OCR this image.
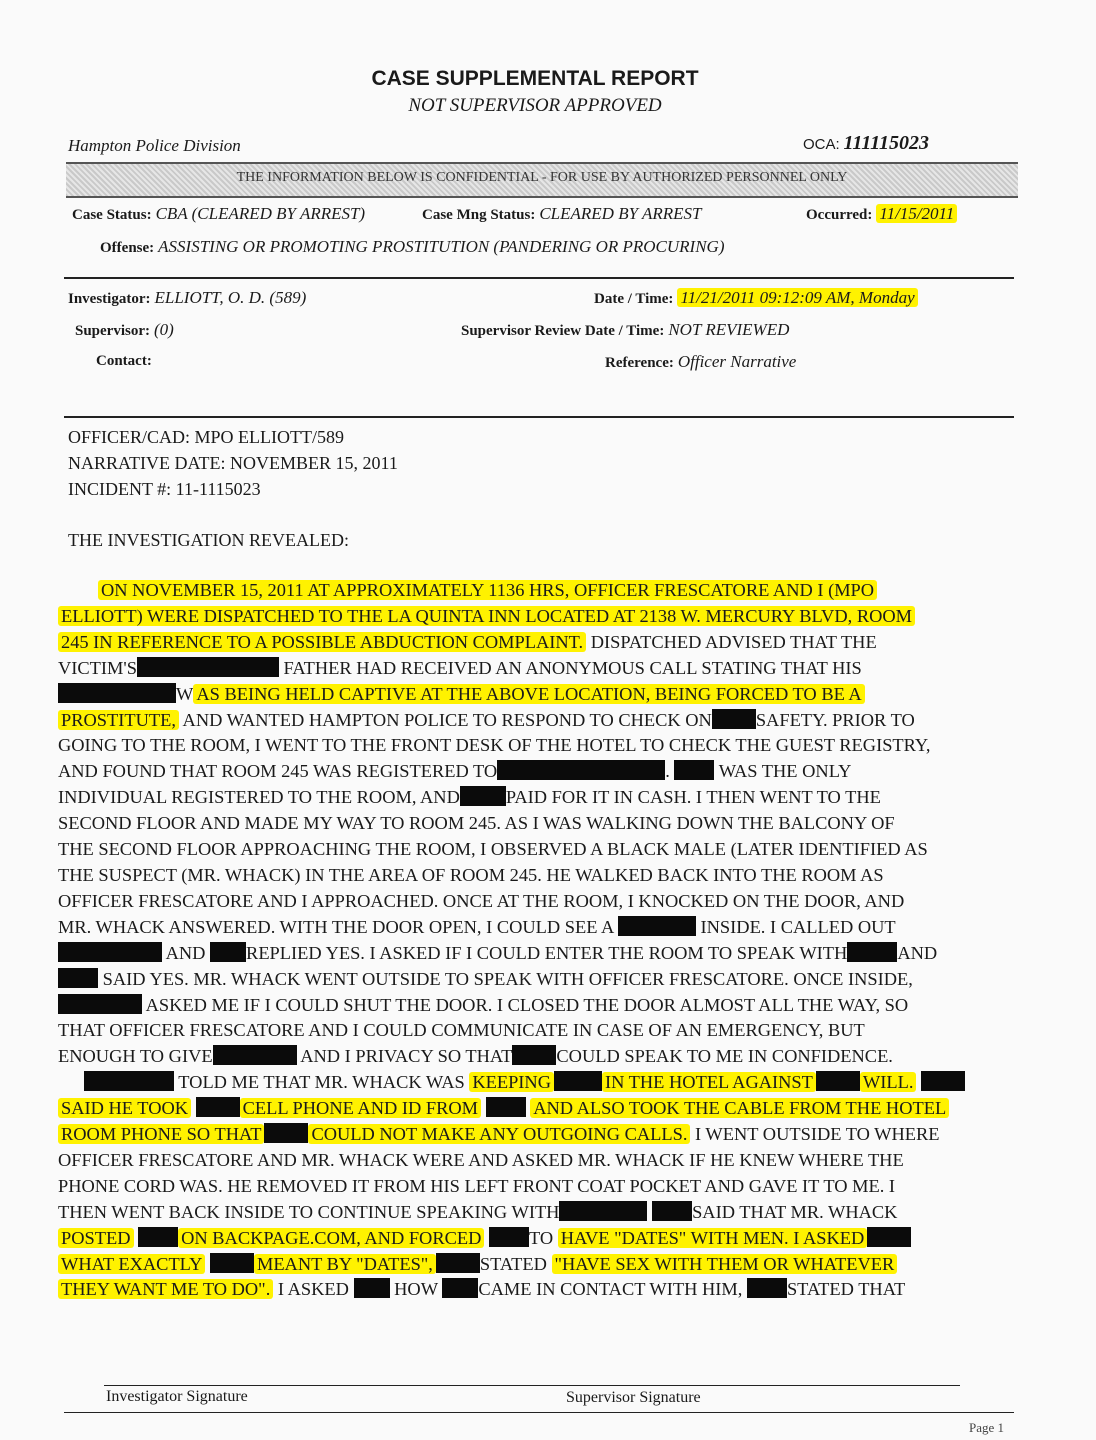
CASE SUPPLEMENTAL REPORT
NOT SUPERVISOR APPROVED
Hampton Police Division	OCA: 111115023
THE INFORMATION BELOW IS CONFIDENTIAL - FOR USE BY AUTHORIZED PERSONNEL ONLY
Case Status: CBA (CLEARED BY ARREST)	Case Mng Status: CLEARED BY ARREST	Occurred: 11/15/2011
Offense: ASSISTING OR PROMOTING PROSTITUTION (PANDERING OR PROCURING)
Investigator: ELLIOTT, O. D. (589)	Date / Time: 11/21/2011 09:12:09 AM, Monday
Supervisor: (0)	Supervisor Review Date / Time: NOT REVIEWED
Contact:	Reference: Officer Narrative
OFFICER/CAD: MPO ELLIOTT/589
NARRATIVE DATE: NOVEMBER 15, 2011
INCIDENT #: 11-1115023
THE INVESTIGATION REVEALED:
ON NOVEMBER 15, 2011 AT APPROXIMATELY 1136 HRS, OFFICER FRESCATORE AND I (MPO
ELLIOTT) WERE DISPATCHED TO THE LA QUINTA INN LOCATED AT 2138 W. MERCURY BLVD, ROOM
245 IN REFERENCE TO A POSSIBLE ABDUCTION COMPLAINT. DISPATCHED ADVISED THAT THE
VICTIM'S	FATHER HAD RECEIVED AN ANONYMOUS CALL STATING THAT HIS
W AS BEING HELD CAPTIVE AT THE ABOVE LOCATION, BEING FORCED TO BE A
PROSTITUTE, AND WANTED HAMPTON POLICE TO RESPOND TO CHECK ON SAFETY. PRIOR TO
GOING TO THE ROOM, I WENT TO THE FRONT DESK OF THE HOTEL TO CHECK THE GUEST REGISTRY,
AND FOUND THAT ROOM 245 WAS REGISTERED TO	.	WAS THE ONLY
INDIVIDUAL REGISTERED TO THE ROOM, AND	PAID FOR IT IN CASH. I THEN WENT TO THE
SECOND FLOOR AND MADE MY WAY TO ROOM 245. AS I WAS WALKING DOWN THE BALCONY OF
THE SECOND FLOOR APPROACHING THE ROOM, I OBSERVED A BLACK MALE (LATER IDENTIFIED AS
THE SUSPECT (MR. WHACK) IN THE AREA OF ROOM 245. HE WALKED BACK INTO THE ROOM AS
OFFICER FRESCATORE AND I APPROACHED. ONCE AT THE ROOM, I KNOCKED ON THE DOOR, AND
MR. WHACK ANSWERED. WITH THE DOOR OPEN, I COULD SEE A	INSIDE. I CALLED OUT
AND REPLIED YES. I ASKED IF I COULD ENTER THE ROOM TO SPEAK WITH	AND
SAID YES. MR. WHACK WENT OUTSIDE TO SPEAK WITH OFFICER FRESCATORE. ONCE INSIDE,
ASKED ME IF I COULD SHUT THE DOOR. I CLOSED THE DOOR ALMOST ALL THE WAY, SO
THAT OFFICER FRESCATORE AND I COULD COMMUNICATE IN CASE OF AN EMERGENCY, BUT
ENOUGH TO GIVE	AND I PRIVACY SO THAT COULD SPEAK TO ME IN CONFIDENCE.
TOLD ME THAT MR. WHACK WAS KEEPING	IN THE HOTEL AGAINST	WILL.
SAID HE TOOK	CELL PHONE AND ID FROM	AND ALSO TOOK THE CABLE FROM THE HOTEL
ROOM PHONE SO THAT	COULD NOT MAKE ANY OUTGOING CALLS. I WENT OUTSIDE TO WHERE
OFFICER FRESCATORE AND MR. WHACK WERE AND ASKED MR. WHACK IF HE KNEW WHERE THE
PHONE CORD WAS. HE REMOVED IT FROM HIS LEFT FRONT COAT POCKET AND GAVE IT TO ME. I
THEN WENT BACK INSIDE TO CONTINUE SPEAKING WITH	SAID THAT MR. WHACK
POSTED	ON BACKPAGE.COM, AND FORCED	TO HAVE "DATES" WITH MEN. I ASKED
WHAT EXACTLY	MEANT BY "DATES",	STATED "HAVE SEX WITH THEM OR WHATEVER
THEY WANT ME TO DO". I ASKED HOW CAME IN CONTACT WITH HIM, STATED THAT
Investigator Signature	Supervisor Signature
Page 1
